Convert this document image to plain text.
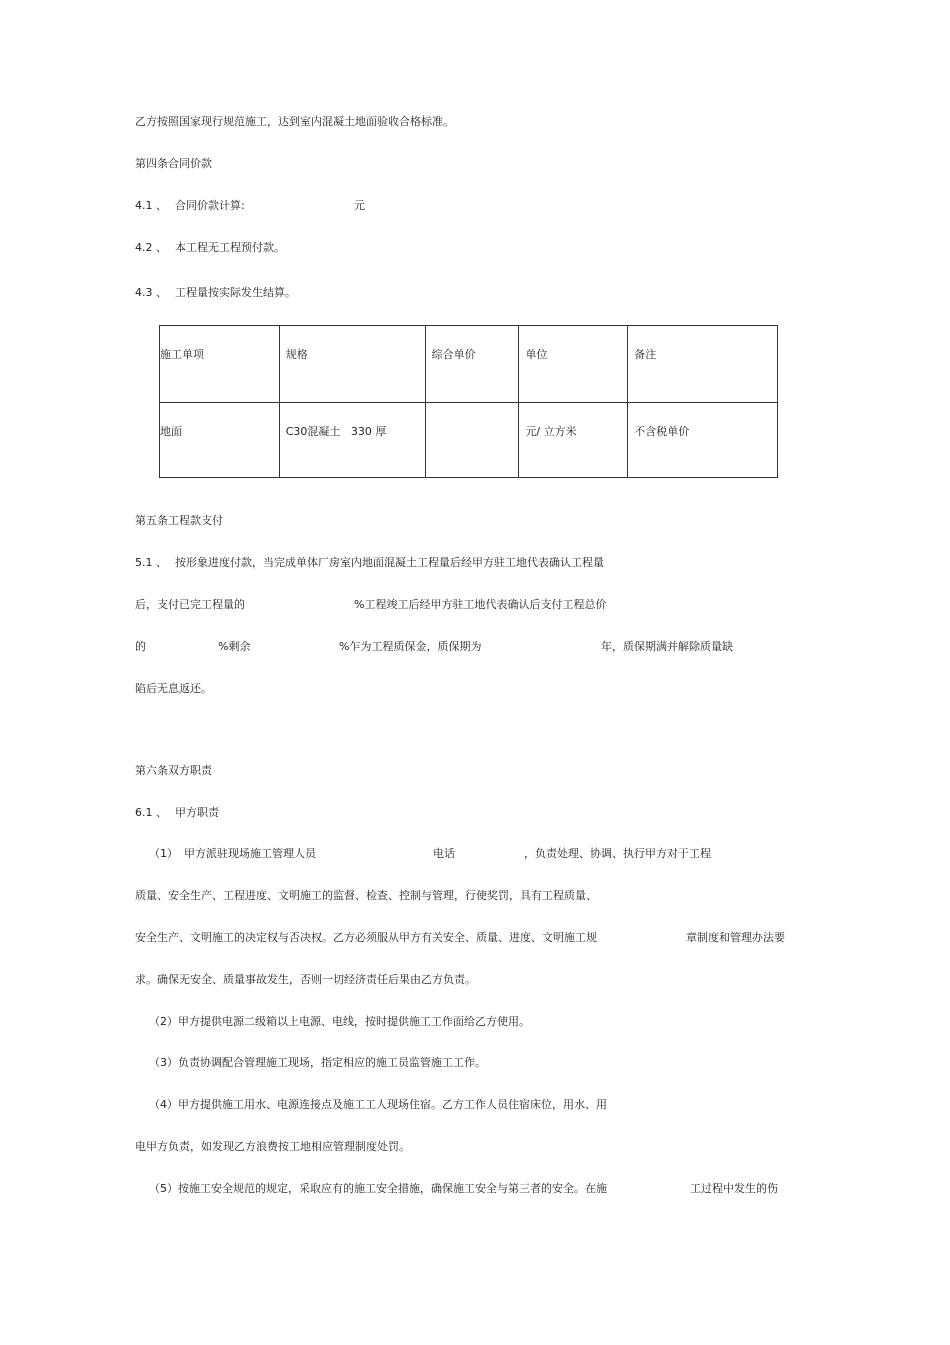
乙方按照国家现行规范施工，达到室内混凝土地面验收合格标准。
第四条合同价款
4.1 、 合同价款计算:	元
4.2 、 本工程无工程预付款。
4.3 、 工程量按实际发生结算。
施工单项	规格	综合单价	单位	备注
地面	C30混凝土   330 厚		元/ 立方米	不含税单价
第五条工程款支付
5.1 、 按形象进度付款，当完成单体厂房室内地面混凝土工程量后经甲方驻工地代表确认工程量
后，支付已完工程量的	%工程竣工后经甲方驻工地代表确认后支付工程总价
的	%剩余	%乍为工程质保金，质保期为	年，质保期满并解除质量缺
陷后无息返还。
第六条双方职责
6.1 、 甲方职责
（1） 甲方派驻现场施工管理人员	电话	，负责处理、协调、执行甲方对于工程
质量、安全生产、工程进度、文明施工的监督、检查、控制与管理，行使奖罚，具有工程质量、
安全生产、文明施工的决定权与否决权。乙方必须服从甲方有关安全、质量、进度、文明施工规	章制度和管理办法要
求。确保无安全、质量事故发生，否则一切经济责任后果由乙方负责。
（2）甲方提供电源二级箱以上电源、电线，按时提供施工工作面给乙方使用。
（3）负责协调配合管理施工现场，指定相应的施工员监管施工工作。
（4）甲方提供施工用水、电源连接点及施工工人现场住宿。乙方工作人员住宿床位，用水、用
电甲方负责，如发现乙方浪费按工地相应管理制度处罚。
（5）按施工安全规范的规定，采取应有的施工安全措施，确保施工安全与第三者的安全。在施	工过程中发生的伤
